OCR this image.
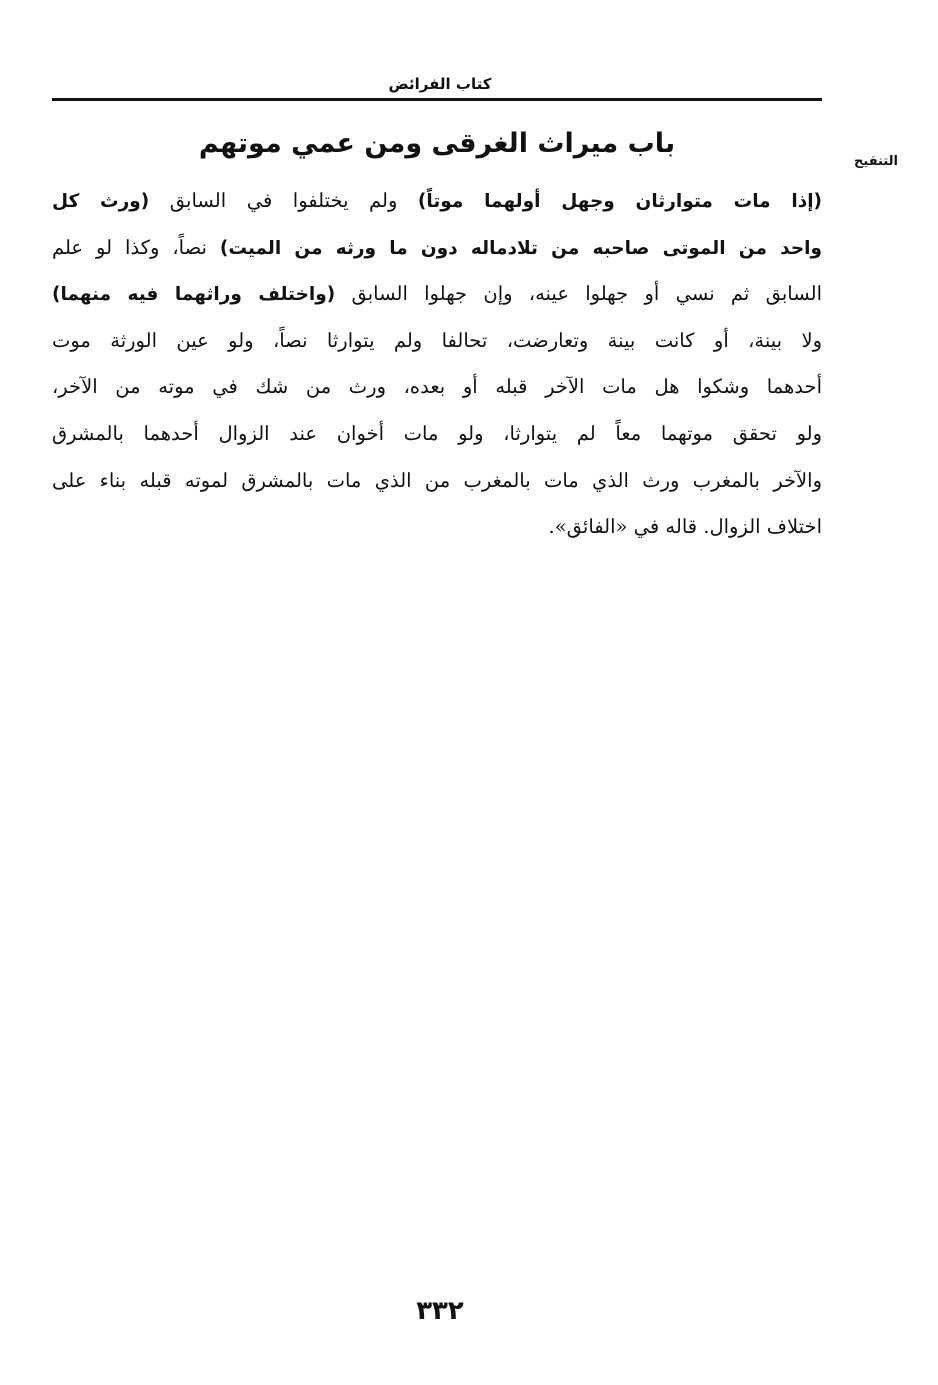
كتاب الفرائض
التنقيح
باب ميراث الغرقى ومن عمي موتهم
(إذا مات متوارثان وجهل أولهما موتاً) ولم يختلفوا في السابق (ورث كل
واحد من الموتى صاحبه من تلادماله دون ما ورثه من الميت) نصاً، وكذا لو علم
السابق ثم نسي أو جهلوا عينه، وإن جهلوا السابق (واختلف وراثهما فيه منهما)
ولا بينة، أو كانت بينة وتعارضت، تحالفا ولم يتوارثا نصاً، ولو عين الورثة موت
أحدهما وشكوا هل مات الآخر قبله أو بعده، ورث من شك في موته من الآخر،
ولو تحقق موتهما معاً لم يتوارثا، ولو مات أخوان عند الزوال أحدهما بالمشرق
والآخر بالمغرب ورث الذي مات بالمغرب من الذي مات بالمشرق لموته قبله بناء على
اختلاف الزوال. قاله في «الفائق».
٣٣٢
